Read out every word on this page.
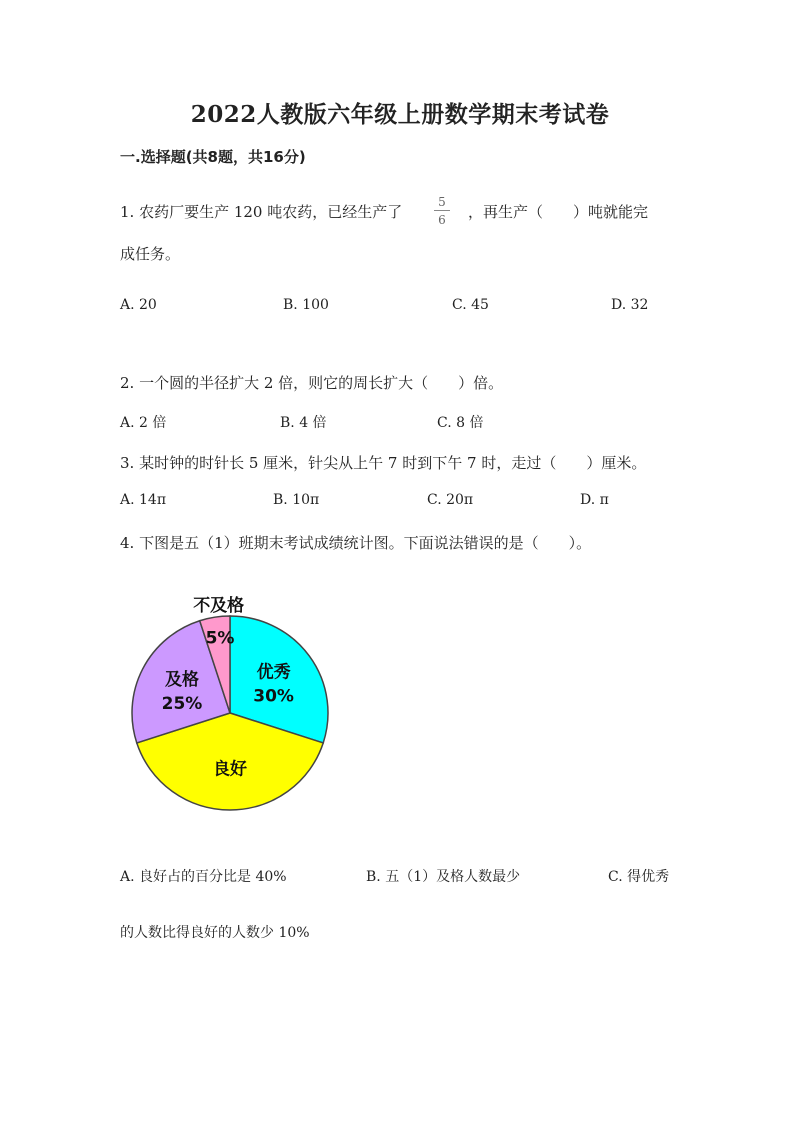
2022人教版六年级上册数学期末考试卷
一.选择题(共8题，共16分)
1. 农药厂要生产 120 吨农药，已经生产了	$\frac{5}{6}$ ，再生产（　　）吨就能完
成任务。
A. 20	B. 100	C. 45	D. 32
2. 一个圆的半径扩大 2 倍，则它的周长扩大（　　）倍。
A. 2 倍	B. 4 倍	C. 8 倍
3. 某时钟的时针长 5 厘米，针尖从上午 7 时到下午 7 时，走过（　　）厘米。
A. 14π	B. 10π	C. 20π	D. π
4. 下图是五（1）班期末考试成绩统计图。下面说法错误的是（　　）。
优秀
30%
良好
及格
25%
不及格
5%
A. 良好占的百分比是 40%	B. 五（1）及格人数最少	C. 得优秀
的人数比得良好的人数少 10%
